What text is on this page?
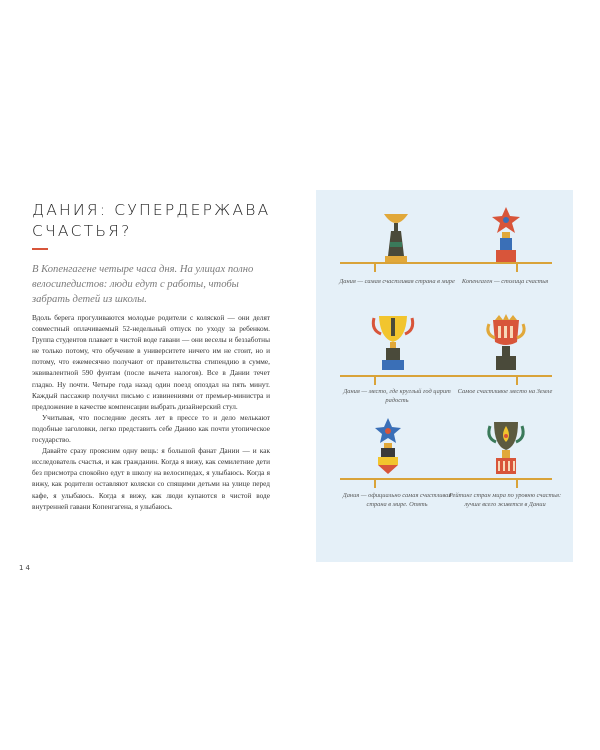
ДАНИЯ: СУПЕРДЕРЖАВА СЧАСТЬЯ?

В Копенгагене четыре часа дня. На улицах полно велосипедистов: люди едут с работы, чтобы забрать детей из школы.

Вдоль берега прогуливаются молодые родители с коляской — они делят совместный оплачиваемый 52-недельный отпуск по уходу за ребенком. Группа студентов плавает в чистой воде гавани — они веселы и беззаботны не только потому, что обучение в университете ничего им не стоит, но и потому, что ежемесячно получают от правительства стипендию в сумме, эквивалентной 590 фунтам (после вычета налогов). Все в Дании течет гладко. Ну почти. Четыре года назад один поезд опоздал на пять минут. Каждый пассажир получил письмо с извинениями от премьер-министра и предложение в качестве компенсации выбрать дизайнерский стул.

Учитывая, что последние десять лет в прессе то и дело мелькают подобные заголовки, легко представить себе Данию как почти утопическое государство.

Давайте сразу проясним одну вещь: я большой фанат Дании — и как исследователь счастья, и как гражданин. Когда я вижу, как семилетние дети без присмотра спокойно едут в школу на велосипедах, я улыбаюсь. Когда я вижу, как родители оставляют коляски со спящими детьми на улице перед кафе, я улыбаюсь. Когда я вижу, как люди купаются в чистой воде внутренней гавани Копенгагена, я улыбаюсь.

14
Дания — самая счастливая страна в мире	Копенгаген — столица счастья
Дания — место, где круглый год царит радость
Самое счастливое место на Земле
Дания — официально самая счастливая страна в мире. Опять
Рейтинг стран мира по уровню счастья: лучше всего живется в Дании
